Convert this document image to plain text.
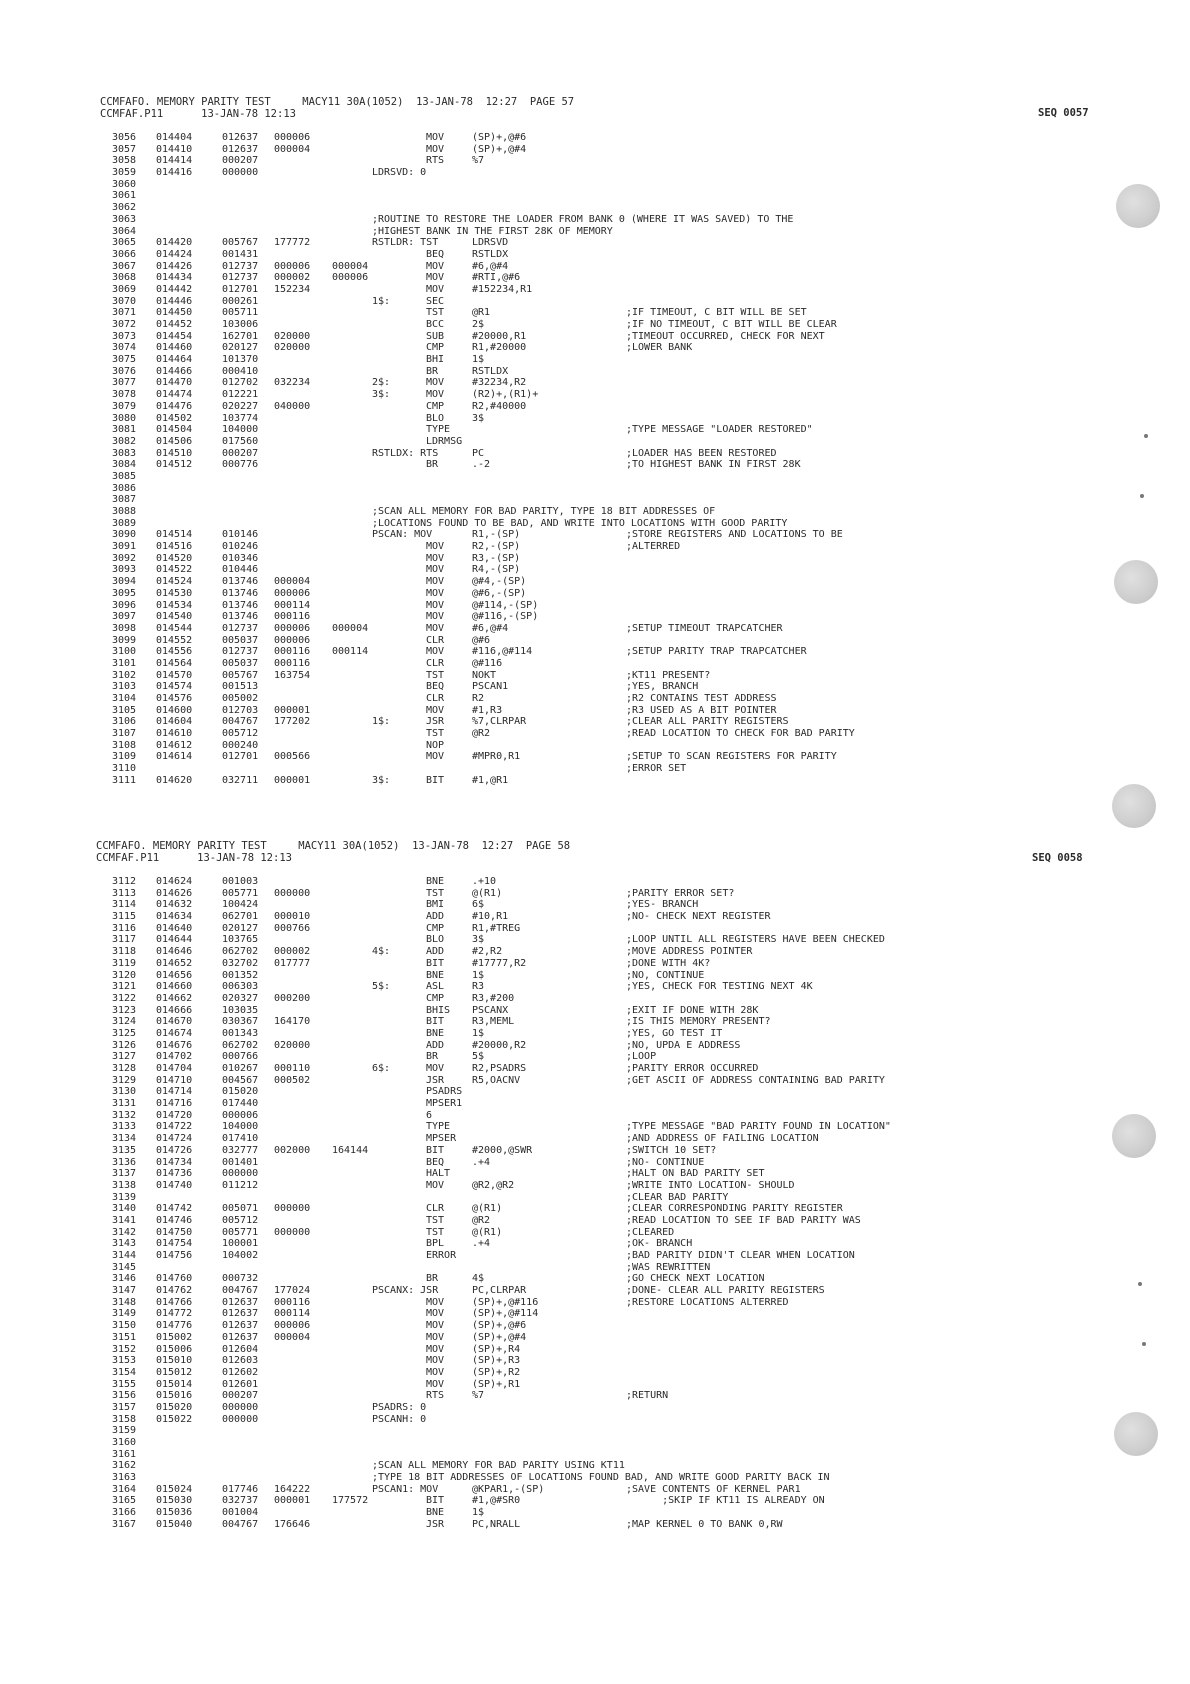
CCMFAFO. MEMORY PARITY TEST     MACY11 30A(1052)  13-JAN-78  12:27  PAGE 57
CCMFAF.P11      13-JAN-78 12:13	SEQ 0057
3056 014404	012637 000006	MOV	(SP)+,@#6
3057 014410	012637 000004	MOV	(SP)+,@#4
3058 014414	000207	RTS	%7
3059 014416	000000	LDRSVD: 0
3060
3061
3062
3063	;ROUTINE TO RESTORE THE LOADER FROM BANK 0 (WHERE IT WAS SAVED) TO THE
3064	;HIGHEST BANK IN THE FIRST 28K OF MEMORY
3065 014420	005767 177772	RSTLDR: TST	LDRSVD
3066 014424	001431	BEQ	RSTLDX
3067 014426	012737 000006 000004	MOV	#6,@#4
3068 014434	012737 000002 000006	MOV	#RTI,@#6
3069 014442	012701 152234	MOV	#152234,R1
3070 014446	000261	1$:	SEC
3071 014450	005711	TST	@R1	;IF TIMEOUT, C BIT WILL BE SET
3072 014452	103006	BCC	2$	;IF NO TIMEOUT, C BIT WILL BE CLEAR
3073 014454	162701 020000	SUB	#20000,R1	;TIMEOUT OCCURRED, CHECK FOR NEXT
3074 014460	020127 020000	CMP	R1,#20000	;LOWER BANK
3075 014464	101370	BHI	1$
3076 014466	000410	BR	RSTLDX
3077 014470	012702 032234	2$:	MOV	#32234,R2
3078 014474	012221	3$:	MOV	(R2)+,(R1)+
3079 014476	020227 040000	CMP	R2,#40000
3080 014502	103774	BLO	3$
3081 014504	104000	TYPE	;TYPE MESSAGE "LOADER RESTORED"
3082 014506	017560	LDRMSG
3083 014510	000207	RSTLDX: RTS	PC	;LOADER HAS BEEN RESTORED
3084 014512	000776	BR	.-2	;TO HIGHEST BANK IN FIRST 28K
3085
3086
3087
3088	;SCAN ALL MEMORY FOR BAD PARITY, TYPE 18 BIT ADDRESSES OF
3089	;LOCATIONS FOUND TO BE BAD, AND WRITE INTO LOCATIONS WITH GOOD PARITY
3090 014514	010146	PSCAN: MOV	R1,-(SP)	;STORE REGISTERS AND LOCATIONS TO BE
3091 014516	010246	MOV	R2,-(SP)	;ALTERRED
3092 014520	010346	MOV	R3,-(SP)
3093 014522	010446	MOV	R4,-(SP)
3094 014524	013746 000004	MOV	@#4,-(SP)
3095 014530	013746 000006	MOV	@#6,-(SP)
3096 014534	013746 000114	MOV	@#114,-(SP)
3097 014540	013746 000116	MOV	@#116,-(SP)
3098 014544	012737 000006 000004	MOV	#6,@#4	;SETUP TIMEOUT TRAPCATCHER
3099 014552	005037 000006	CLR	@#6
3100 014556	012737 000116 000114	MOV	#116,@#114	;SETUP PARITY TRAP TRAPCATCHER
3101 014564	005037 000116	CLR	@#116
3102 014570	005767 163754	TST	NOKT	;KT11 PRESENT?
3103 014574	001513	BEQ	PSCAN1	;YES, BRANCH
3104 014576	005002	CLR	R2	;R2 CONTAINS TEST ADDRESS
3105 014600	012703 000001	MOV	#1,R3	;R3 USED AS A BIT POINTER
3106 014604	004767 177202	1$:	JSR	%7,CLRPAR	;CLEAR ALL PARITY REGISTERS
3107 014610	005712	TST	@R2	;READ LOCATION TO CHECK FOR BAD PARITY
3108 014612	000240	NOP
3109 014614	012701 000566	MOV	#MPR0,R1	;SETUP TO SCAN REGISTERS FOR PARITY
3110	;ERROR SET
3111 014620	032711 000001	3$:	BIT	#1,@R1
CCMFAFO. MEMORY PARITY TEST     MACY11 30A(1052)  13-JAN-78  12:27  PAGE 58
CCMFAF.P11      13-JAN-78 12:13	SEQ 0058
3112 014624	001003	BNE	.+10
3113 014626	005771 000000	TST	@(R1)	;PARITY ERROR SET?
3114 014632	100424	BMI	6$	;YES- BRANCH
3115 014634	062701 000010	ADD	#10,R1	;NO- CHECK NEXT REGISTER
3116 014640	020127 000766	CMP	R1,#TREG
3117 014644	103765	BLO	3$	;LOOP UNTIL ALL REGISTERS HAVE BEEN CHECKED
3118 014646	062702 000002	4$:	ADD	#2,R2	;MOVE ADDRESS POINTER
3119 014652	032702 017777	BIT	#17777,R2	;DONE WITH 4K?
3120 014656	001352	BNE	1$	;NO, CONTINUE
3121 014660	006303	5$:	ASL	R3	;YES, CHECK FOR TESTING NEXT 4K
3122 014662	020327 000200	CMP	R3,#200
3123 014666	103035	BHIS PSCANX	;EXIT IF DONE WITH 28K
3124 014670	030367 164170	BIT	R3,MEML	;IS THIS MEMORY PRESENT?
3125 014674	001343	BNE	1$	;YES, GO TEST IT
3126 014676	062702 020000	ADD	#20000,R2	;NO, UPDA E ADDRESS
3127 014702	000766	BR	5$	;LOOP
3128 014704	010267 000110	6$:	MOV	R2,PSADRS	;PARITY ERROR OCCURRED
3129 014710	004567 000502	JSR	R5,OACNV	;GET ASCII OF ADDRESS CONTAINING BAD PARITY
3130 014714	015020	PSADRS
3131 014716	017440	MPSER1
3132 014720	000006	6
3133 014722	104000	TYPE	;TYPE MESSAGE "BAD PARITY FOUND IN LOCATION"
3134 014724	017410	MPSER	;AND ADDRESS OF FAILING LOCATION
3135 014726	032777 002000 164144	BIT	#2000,@SWR	;SWITCH 10 SET?
3136 014734	001401	BEQ	.+4	;NO- CONTINUE
3137 014736	000000	HALT	;HALT ON BAD PARITY SET
3138 014740	011212	MOV	@R2,@R2	;WRITE INTO LOCATION- SHOULD
3139	;CLEAR BAD PARITY
3140 014742	005071 000000	CLR	@(R1)	;CLEAR CORRESPONDING PARITY REGISTER
3141 014746	005712	TST	@R2	;READ LOCATION TO SEE IF BAD PARITY WAS
3142 014750	005771 000000	TST	@(R1)	;CLEARED
3143 014754	100001	BPL	.+4	;OK- BRANCH
3144 014756	104002	ERROR	;BAD PARITY DIDN'T CLEAR WHEN LOCATION
3145	;WAS REWRITTEN
3146 014760	000732	BR	4$	;GO CHECK NEXT LOCATION
3147 014762	004767 177024	PSCANX: JSR	PC,CLRPAR	;DONE- CLEAR ALL PARITY REGISTERS
3148 014766	012637 000116	MOV	(SP)+,@#116	;RESTORE LOCATIONS ALTERRED
3149 014772	012637 000114	MOV	(SP)+,@#114
3150 014776	012637 000006	MOV	(SP)+,@#6
3151 015002	012637 000004	MOV	(SP)+,@#4
3152 015006	012604	MOV	(SP)+,R4
3153 015010	012603	MOV	(SP)+,R3
3154 015012	012602	MOV	(SP)+,R2
3155 015014	012601	MOV	(SP)+,R1
3156 015016	000207	RTS	%7	;RETURN
3157 015020	000000	PSADRS: 0
3158 015022	000000	PSCANH: 0
3159
3160
3161
3162	;SCAN ALL MEMORY FOR BAD PARITY USING KT11
3163	;TYPE 18 BIT ADDRESSES OF LOCATIONS FOUND BAD, AND WRITE GOOD PARITY BACK IN
3164 015024	017746 164222	PSCAN1: MOV	@KPAR1,-(SP)	;SAVE CONTENTS OF KERNEL PAR1
3165 015030	032737 000001 177572	BIT	#1,@#SR0	;SKIP IF KT11 IS ALREADY ON
3166 015036	001004	BNE	1$
3167 015040	004767 176646	JSR	PC,NRALL	;MAP KERNEL 0 TO BANK 0,RW
